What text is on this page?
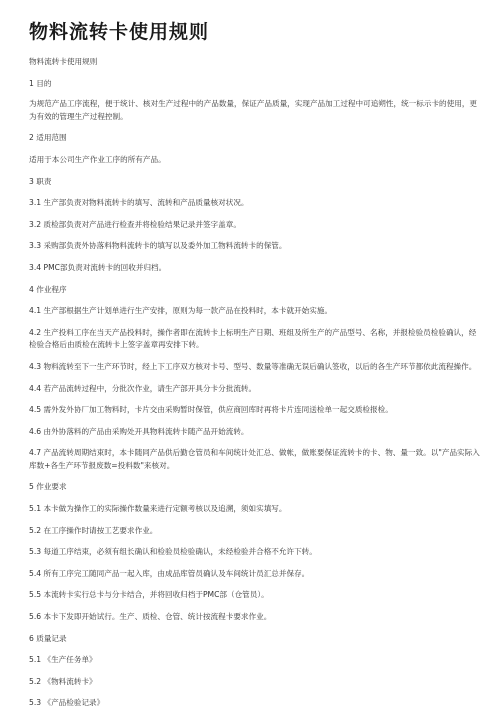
物料流转卡使用规则

物料流转卡使用规则

1 目的

为规范产品工序流程，便于统计、核对生产过程中的产品数量，保证产品质量，实现产品加工过程中可追朔性，统一标示卡的使用，更为有效的管理生产过程控制。

2 适用范围

适用于本公司生产作业工序的所有产品。

3 职责

3.1 生产部负责对物料流转卡的填写、流转和产品质量核对状况。

3.2 质检部负责对产品进行检查并将检验结果记录并签字盖章。

3.3 采购部负责外协落料物料流转卡的填写以及委外加工物料流转卡的保管。

3.4 PMC部负责对流转卡的回收并归档。

4 作业程序

4.1 生产部根据生产计划单进行生产安排，原则为每一款产品在投料时，本卡就开始实施。

4.2 生产投料工序在当天产品投料时，操作者即在流转卡上标明生产日期、班组及所生产的产品型号、名称，并报检验员检验确认，经检验合格后由质检在流转卡上签字盖章再安排下转。

4.3 物料流转至下一生产环节时，经上下工序双方核对卡号、型号、数量等准确无误后确认签收，以后的各生产环节都依此流程操作。

4.4 若产品流转过程中，分批次作业，请生产部开具分卡分批流转。

4.5 需外发外协厂加工物料时，卡片交由采购暂时保管，供应商回库时再将卡片连同送检单一起交质检报检。

4.6 由外协落料的产品由采购处开具物料流转卡随产品开始流转。

4.7 产品流转周期结束时，本卡随同产品供后勤仓管员和车间统计处汇总、做帐，做账要保证流转卡的卡、物、量一致。以"产品实际入库数+各生产环节报废数=投料数"来核对。

5 作业要求

5.1 本卡做为操作工的实际操作数量来进行定额考核以及追溯，须如实填写。

5.2 在工序操作时请按工艺要求作业。

5.3 每道工序结束，必须有组长确认和检验员检验确认，未经检验并合格不允许下转。

5.4 所有工序完工随同产品一起入库，由成品库管员确认及车间统计员汇总并保存。

5.5 本流转卡实行总卡与分卡结合，并将回收归档于PMC部（仓管员）。

5.6 本卡下发即开始试行。生产、质检、仓管、统计按流程卡要求作业。

6 质量记录

5.1 《生产任务单》

5.2 《物料流转卡》

5.3 《产品检验记录》
